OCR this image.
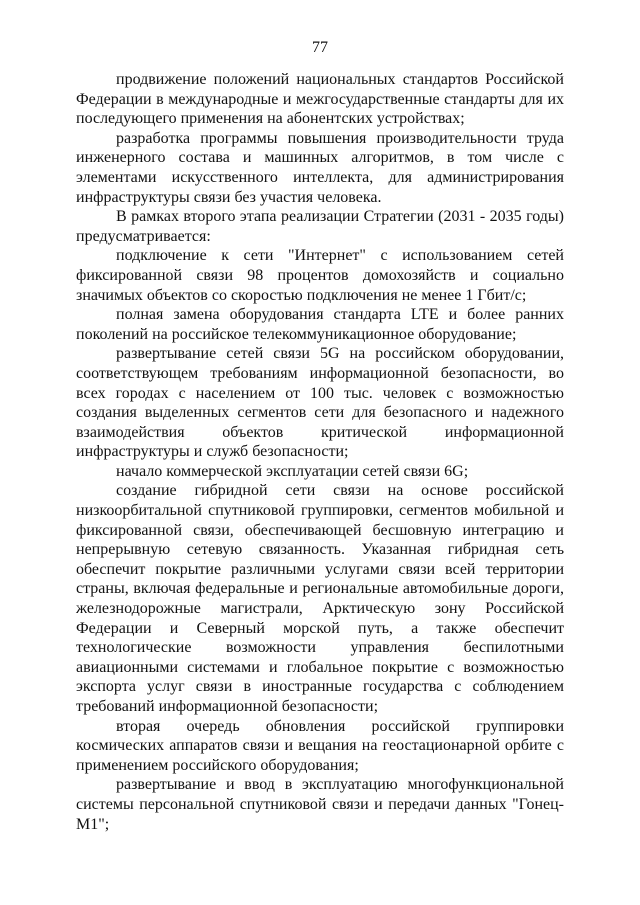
77

продвижение положений национальных стандартов Российской Федерации в международные и межгосударственные стандарты для их последующего применения на абонентских устройствах;

разработка программы повышения производительности труда инженерного состава и машинных алгоритмов, в том числе с элементами искусственного интеллекта, для администрирования инфраструктуры связи без участия человека.

В рамках второго этапа реализации Стратегии (2031 - 2035 годы) предусматривается:

подключение к сети "Интернет" с использованием сетей фиксированной связи 98 процентов домохозяйств и социально значимых объектов со скоростью подключения не менее 1 Гбит/с;

полная замена оборудования стандарта LTE и более ранних поколений на российское телекоммуникационное оборудование;

развертывание сетей связи 5G на российском оборудовании, соответствующем требованиям информационной безопасности, во всех городах с населением от 100 тыс. человек с возможностью создания выделенных сегментов сети для безопасного и надежного взаимодействия объектов критической информационной инфраструктуры и служб безопасности;

начало коммерческой эксплуатации сетей связи 6G;

создание гибридной сети связи на основе российской низкоорбитальной спутниковой группировки, сегментов мобильной и фиксированной связи, обеспечивающей бесшовную интеграцию и непрерывную сетевую связанность. Указанная гибридная сеть обеспечит покрытие различными услугами связи всей территории страны, включая федеральные и региональные автомобильные дороги, железнодорожные магистрали, Арктическую зону Российской Федерации и Северный морской путь, а также обеспечит технологические возможности управления беспилотными авиационными системами и глобальное покрытие с возможностью экспорта услуг связи в иностранные государства с соблюдением требований информационной безопасности;

вторая очередь обновления российской группировки космических аппаратов связи и вещания на геостационарной орбите с применением российского оборудования;

развертывание и ввод в эксплуатацию многофункциональной системы персональной спутниковой связи и передачи данных "Гонец-М1";
